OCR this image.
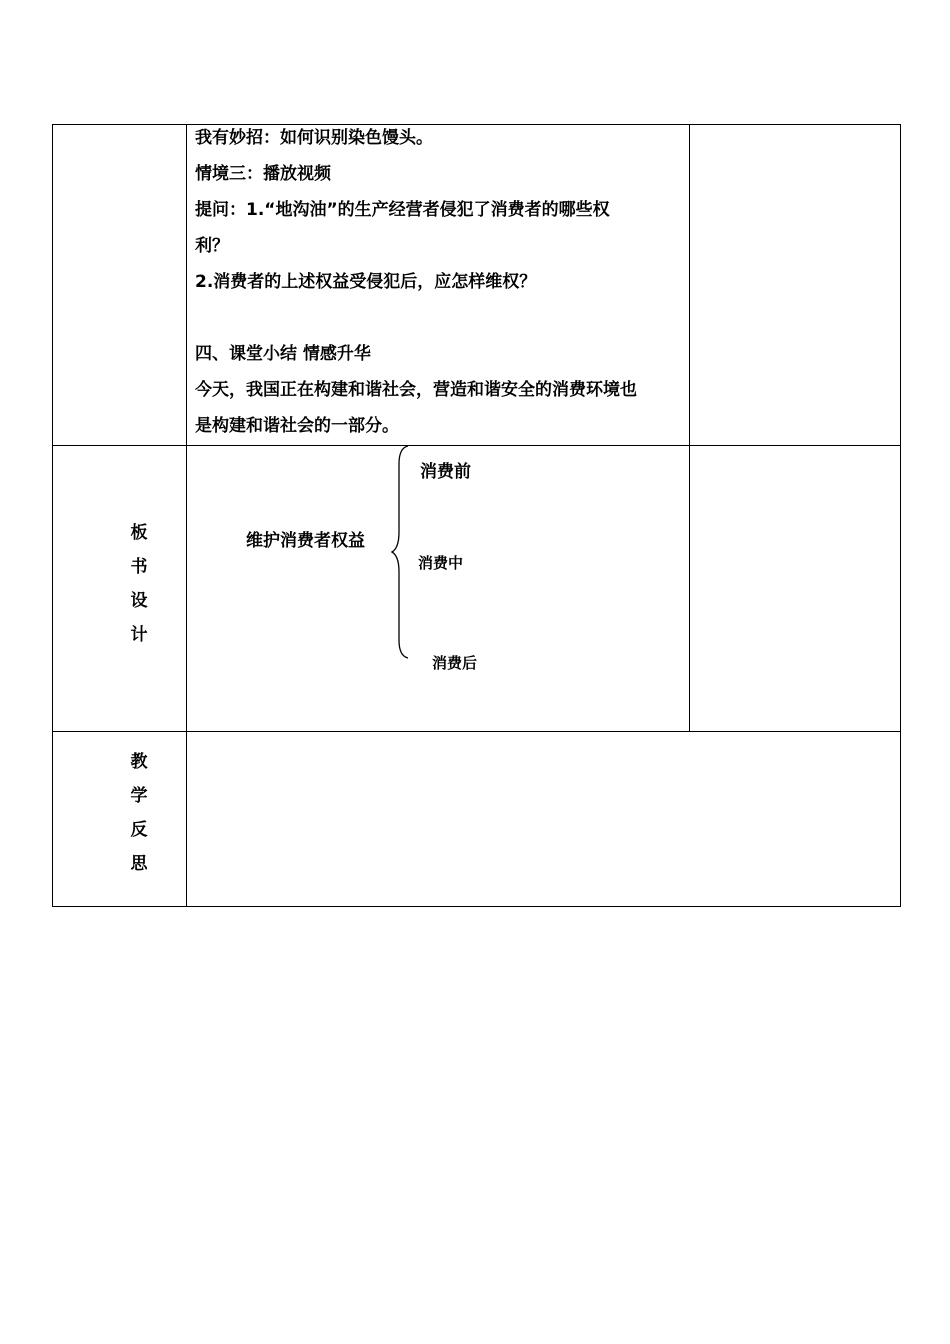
我有妙招：如何识别染色馒头。
情境三：播放视频
提问：1.“地沟油”的生产经营者侵犯了消费者的哪些权
利？
2.消费者的上述权益受侵犯后，应怎样维权？
四、课堂小结 情感升华
今天，我国正在构建和谐社会，营造和谐安全的消费环境也
是构建和谐社会的一部分。
板
书
设
计
维护消费者权益
消费前
消费中
消费后
教
学
反
思
